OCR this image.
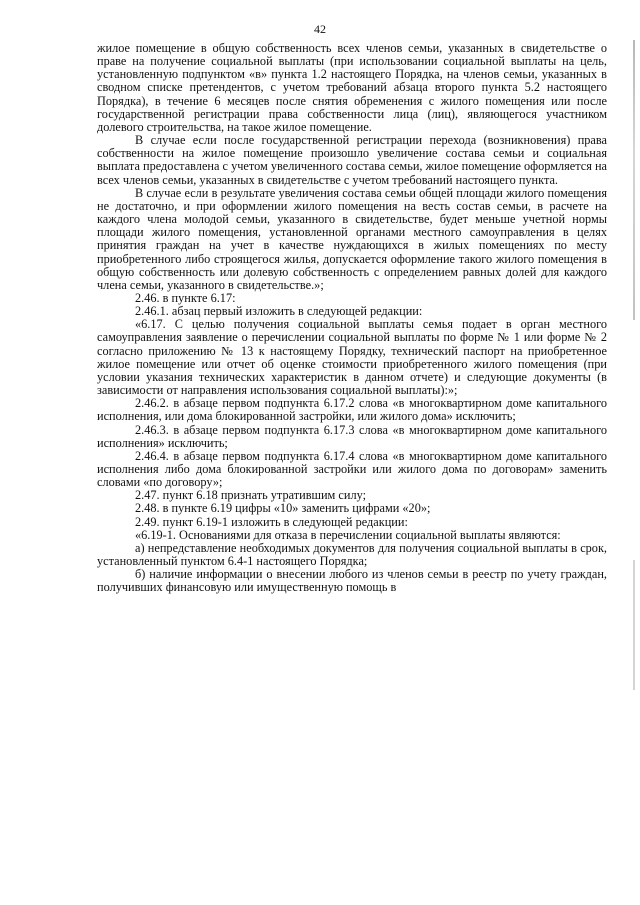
42

жилое помещение в общую собственность всех членов семьи, указанных в свидетельстве о праве на получение социальной выплаты (при использовании социальной выплаты на цель, установленную подпунктом «в» пункта 1.2 настоящего Порядка, на членов семьи, указанных в сводном списке претендентов, с учетом требований абзаца второго пункта 5.2 настоящего Порядка), в течение 6 месяцев после снятия обременения с жилого помещения или после государственной регистрации права собственности лица (лиц), являющегося участником долевого строительства, на такое жилое помещение.

В случае если после государственной регистрации перехода (возникновения) права собственности на жилое помещение произошло увеличение состава семьи и социальная выплата предоставлена с учетом увеличенного состава семьи, жилое помещение оформляется на всех членов семьи, указанных в свидетельстве с учетом требований настоящего пункта.

В случае если в результате увеличения состава семьи общей площади жилого помещения не достаточно, и при оформлении жилого помещения на весть состав семьи, в расчете на каждого члена молодой семьи, указанного в свидетельстве, будет меньше учетной нормы площади жилого помещения, установленной органами местного самоуправления в целях принятия граждан на учет в качестве нуждающихся в жилых помещениях по месту приобретенного либо строящегося жилья, допускается оформление такого жилого помещения в общую собственность или долевую собственность с определением равных долей для каждого члена семьи, указанного в свидетельстве.»;

2.46. в пункте 6.17:

2.46.1. абзац первый изложить в следующей редакции:

«6.17. С целью получения социальной выплаты семья подает в орган местного самоуправления заявление о перечислении социальной выплаты по форме № 1 или форме № 2 согласно приложению № 13 к настоящему Порядку, технический паспорт на приобретенное жилое помещение или отчет об оценке стоимости приобретенного жилого помещения (при условии указания технических характеристик в данном отчете) и следующие документы (в зависимости от направления использования социальной выплаты):»;

2.46.2. в абзаце первом подпункта 6.17.2 слова «в многоквартирном доме капитального исполнения, или дома блокированной застройки, или жилого дома» исключить;

2.46.3. в абзаце первом подпункта 6.17.3 слова «в многоквартирном доме капитального исполнения» исключить;

2.46.4. в абзаце первом подпункта 6.17.4 слова «в многоквартирном доме капитального исполнения либо дома блокированной застройки или жилого дома по договорам» заменить словами «по договору»;

2.47. пункт 6.18 признать утратившим силу;

2.48. в пункте 6.19 цифры «10» заменить цифрами «20»;

2.49. пункт 6.19-1 изложить в следующей редакции:

«6.19-1. Основаниями для отказа в перечислении социальной выплаты являются:

а) непредставление необходимых документов для получения социальной выплаты в срок, установленный пунктом 6.4-1 настоящего Порядка;

б) наличие информации о внесении любого из членов семьи в реестр по учету граждан, получивших финансовую или имущественную помощь в
